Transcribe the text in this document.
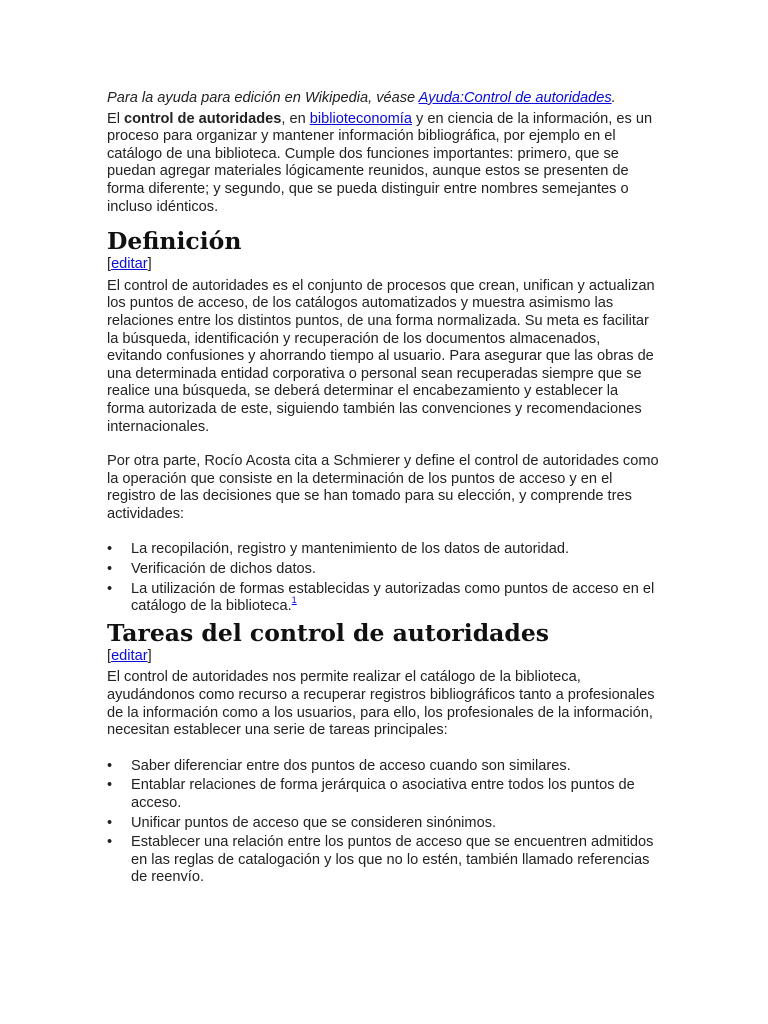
Para la ayuda para edición en Wikipedia, véase Ayuda:Control de autoridades.

El control de autoridades, en biblioteconomía y en ciencia de la información, es un proceso para organizar y mantener información bibliográfica, por ejemplo en el catálogo de una biblioteca. Cumple dos funciones importantes: primero, que se puedan agregar materiales lógicamente reunidos, aunque estos se presenten de forma diferente; y segundo, que se pueda distinguir entre nombres semejantes o incluso idénticos.

Definición

[editar]

El control de autoridades es el conjunto de procesos que crean, unifican y actualizan los puntos de acceso, de los catálogos automatizados y muestra asimismo las relaciones entre los distintos puntos, de una forma normalizada. Su meta es facilitar la búsqueda, identificación y recuperación de los documentos almacenados, evitando confusiones y ahorrando tiempo al usuario. Para asegurar que las obras de una determinada entidad corporativa o personal sean recuperadas siempre que se realice una búsqueda, se deberá determinar el encabezamiento y establecer la forma autorizada de este, siguiendo también las convenciones y recomendaciones internacionales.

Por otra parte, Rocío Acosta cita a Schmierer y define el control de autoridades como la operación que consiste en la determinación de los puntos de acceso y en el registro de las decisiones que se han tomado para su elección, y comprende tres actividades:

• La recopilación, registro y mantenimiento de los datos de autoridad.
• Verificación de dichos datos.
• La utilización de formas establecidas y autorizadas como puntos de acceso en el catálogo de la biblioteca.$^1$
Tareas del control de autoridades

[editar]

El control de autoridades nos permite realizar el catálogo de la biblioteca, ayudándonos como recurso a recuperar registros bibliográficos tanto a profesionales de la información como a los usuarios, para ello, los profesionales de la información, necesitan establecer una serie de tareas principales:

• Saber diferenciar entre dos puntos de acceso cuando son similares.
• Entablar relaciones de forma jerárquica o asociativa entre todos los puntos de acceso.
• Unificar puntos de acceso que se consideren sinónimos.
• Establecer una relación entre los puntos de acceso que se encuentren admitidos en las reglas de catalogación y los que no lo estén, también llamado referencias de reenvío.
